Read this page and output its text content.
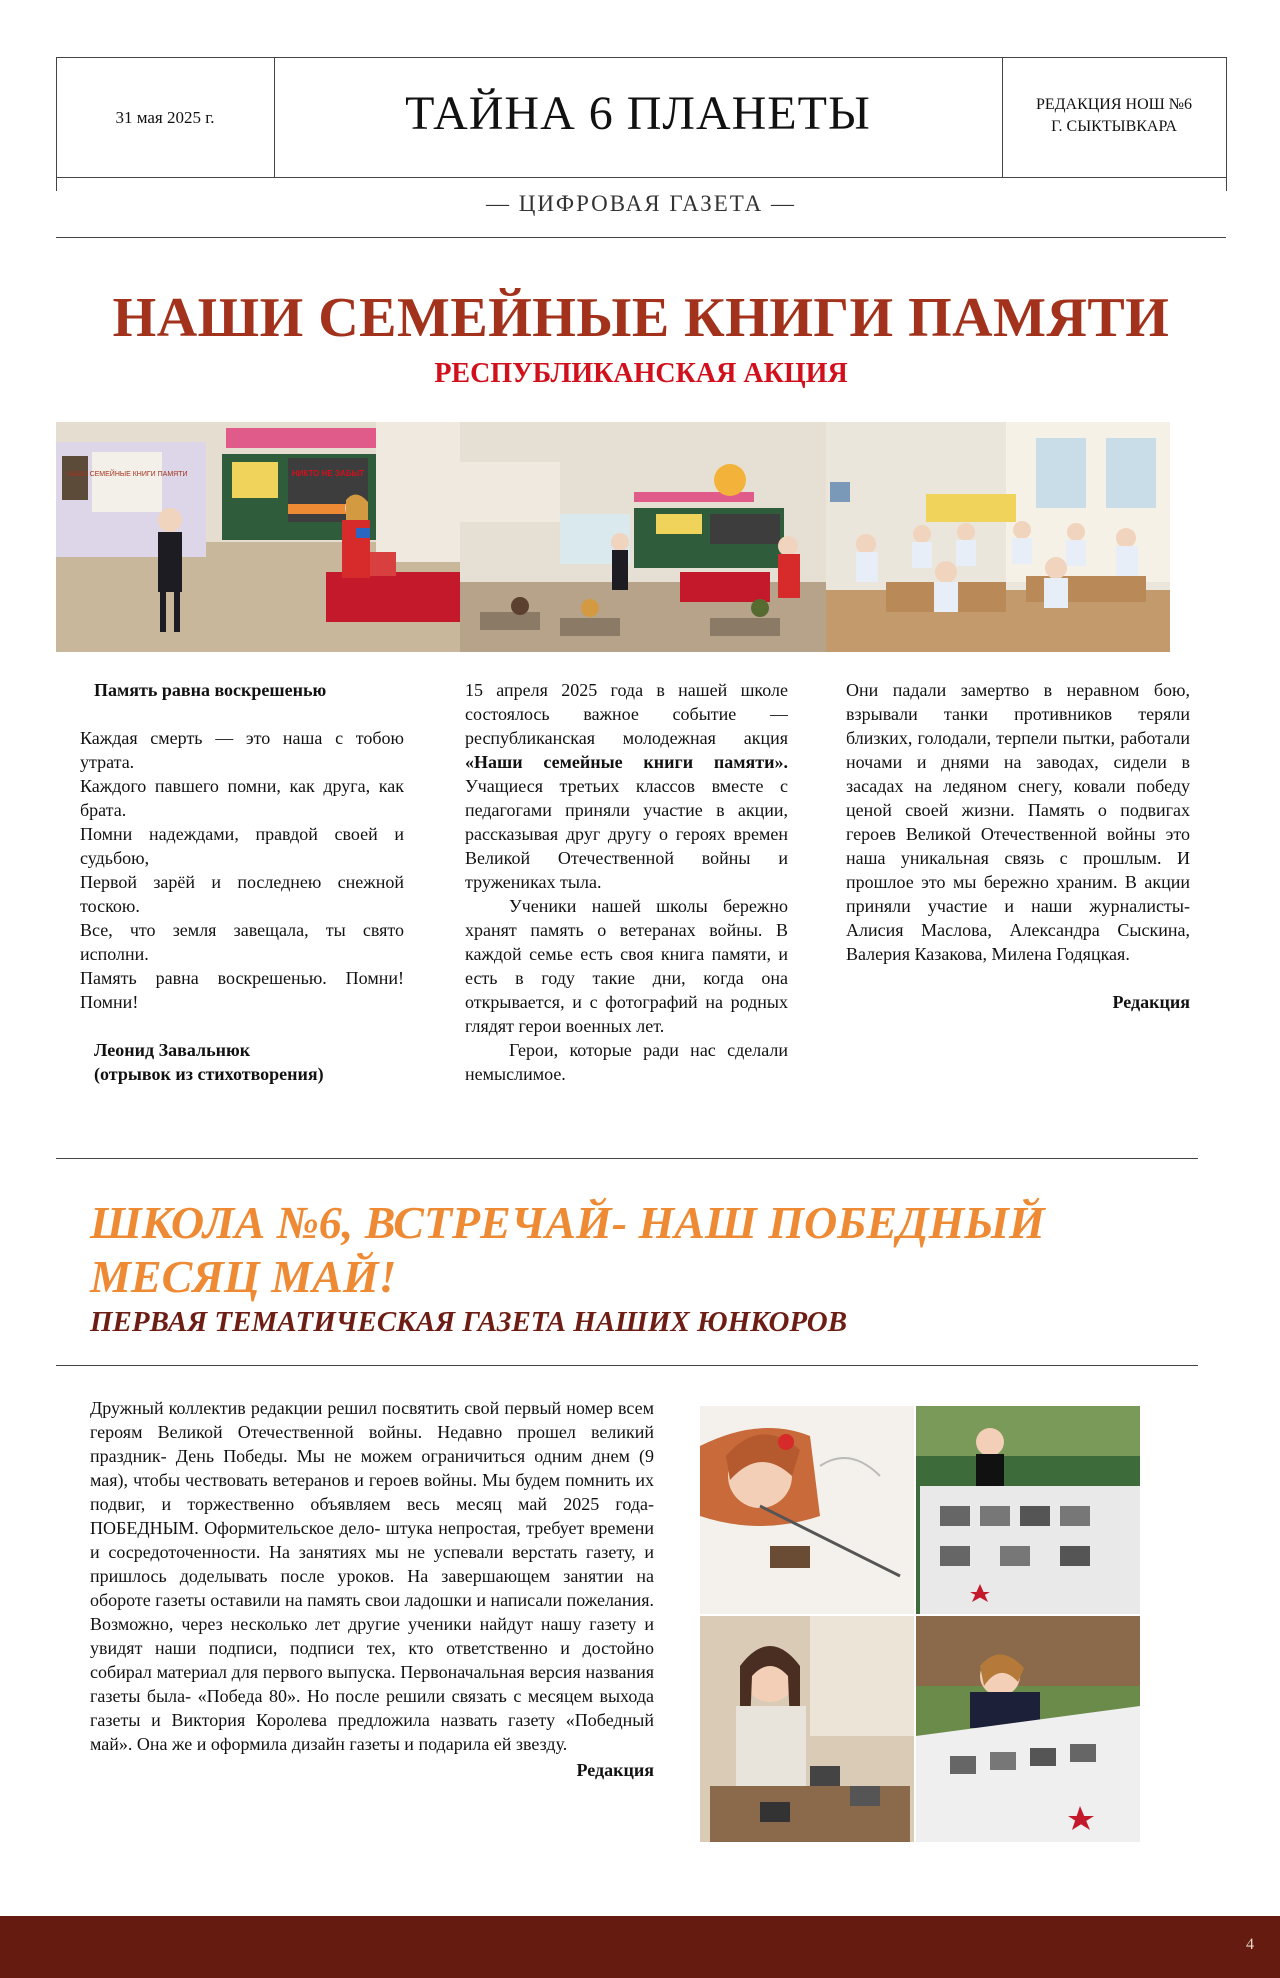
31 мая 2025 г.	ТАЙНА 6 ПЛАНЕТЫ	РЕДАКЦИЯ НОШ №6
Г. СЫКТЫВКАРА
— ЦИФРОВАЯ ГАЗЕТА —
НАШИ СЕМЕЙНЫЕ КНИГИ ПАМЯТИ
РЕСПУБЛИКАНСКАЯ АКЦИЯ
НАШИ СЕМЕЙНЫЕ КНИГИ ПАМЯТИ	НИКТО НЕ ЗАБЫТ

Память равна воскрешенью

Каждая смерть — это наша с тобою утрата.

Каждого павшего помни, как друга, как брата.

Помни надеждами, правдой своей и судьбою,

Первой зарёй и последнею снежной тоскою.

Все, что земля завещала, ты свято исполни.

Память равна воскрешенью. Помни! Помни!

Леонид Завальнюк

(отрывок из стихотворения)

15 апреля 2025 года в нашей школе состоялось важное событие — республиканская молодежная акция «Наши семейные книги памяти». Учащиеся третьих классов вместе с педагогами приняли участие в акции, рассказывая друг другу о героях времен Великой Отечественной войны и тружениках тыла.

Ученики нашей школы бережно хранят память о ветеранах войны. В каждой семье есть своя книга памяти, и есть в году такие дни, когда она открывается, и с фотографий на родных глядят герои военных лет.

Герои, которые ради нас сделали немыслимое.

Они падали замертво в неравном бою, взрывали танки противников теряли близких, голодали, терпели пытки, работали ночами и днями на заводах, сидели в засадах на ледяном снегу, ковали победу ценой своей жизни. Память о подвигах героев Великой Отечественной войны это наша уникальная связь с прошлым. И прошлое это мы бережно храним. В акции приняли участие и наши журналисты- Алисия Маслова, Александра Сыскина, Валерия Казакова, Милена Годяцкая.

Редакция

ШКОЛА №6, ВСТРЕЧАЙ- НАШ ПОБЕДНЫЙ МЕСЯЦ МАЙ!
ПЕРВАЯ ТЕМАТИЧЕСКАЯ ГАЗЕТА НАШИХ ЮНКОРОВ

Дружный коллектив редакции решил посвятить свой первый номер всем героям Великой Отечественной войны. Недавно прошел великий праздник- День Победы. Мы не можем ограничиться одним днем (9 мая), чтобы чествовать ветеранов и героев войны. Мы будем помнить их подвиг, и торжественно объявляем весь месяц май 2025 года- ПОБЕДНЫМ. Оформительское дело- штука непростая, требует времени и сосредоточенности. На занятиях мы не успевали верстать газету, и пришлось доделывать после уроков. На завершающем занятии на обороте газеты оставили на память свои ладошки и написали пожелания. Возможно, через несколько лет другие ученики найдут нашу газету и увидят наши подписи, подписи тех, кто ответственно и достойно собирал материал для первого выпуска. Первоначальная версия названия газеты была- «Победа 80». Но после решили связать с месяцем выхода газеты и Виктория Королева предложила назвать газету «Победный май». Она же и оформила дизайн газеты и подарила ей звезду.

Редакция

4
